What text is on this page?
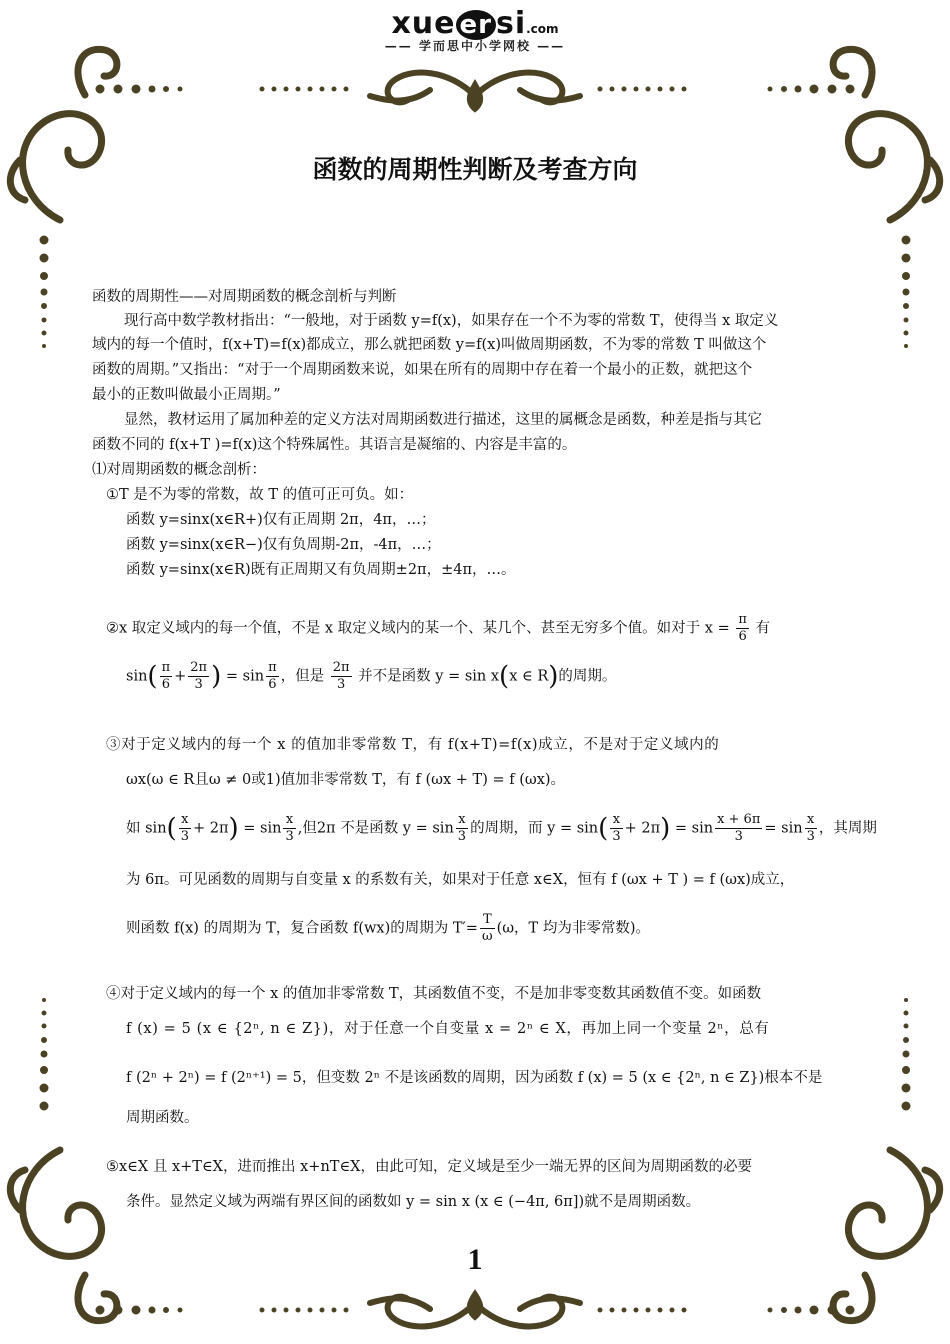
xue er si.com
—— 学而思中小学网校 ——
函数的周期性判断及考查方向
函数的周期性——对周期函数的概念剖析与判断
现行高中数学教材指出：“一般地，对于函数 y=f(x)，如果存在一个不为零的常数 T，使得当 x 取定义
域内的每一个值时，f(x+T)=f(x)都成立，那么就把函数 y=f(x)叫做周期函数，不为零的常数 T 叫做这个
函数的周期。”又指出：“对于一个周期函数来说，如果在所有的周期中存在着一个最小的正数，就把这个
最小的正数叫做最小正周期。”
显然，教材运用了属加种差的定义方法对周期函数进行描述，这里的属概念是函数，种差是指与其它
函数不同的 f(x+T )=f(x)这个特殊属性。其语言是凝缩的、内容是丰富的。
⑴对周期函数的概念剖析：
①T 是不为零的常数，故 T 的值可正可负。如：
函数 y=sinx(x∈R+)仅有正周期 2π，4π，…；
函数 y=sinx(x∈R−)仅有负周期-2π，-4π，…；
函数 y=sinx(x∈R)既有正周期又有负周期±2π，±4π，…。
②x 取定义域内的每一个值，不是 x 取定义域内的某一个、某几个、甚至无穷多个值。如对于 $x = \frac{\pi}{6}$ 有
$\sin( \frac{\pi}{6} + \frac{2\pi}{3}$ ) = $\sin \frac{\pi}{6}$ ，但是 $\frac{2\pi}{3}$ 并不是函数 y = sin x(x ∈ R)的周期。
③对于定义域内的每一个 x 的值加非零常数 T，有 f(x+T)=f(x)成立，不是对于定义域内的
ωx(ω ∈ R且ω ≠ 0或1)值加非零常数 T，有 f (ωx + T) = f (ωx)。
如 $\sin( \frac{x}{3} + 2\pi) = \sin \frac{x}{3}$ ,但2π 不是函数 $y = \sin \frac{x}{3}$ 的周期，而 $y = \sin( \frac{x}{3} + 2\pi) = \sin \frac{x + 6\pi}{3} = \sin \frac{x}{3}$ ，其周期
为 6π。可见函数的周期与自变量 x 的系数有关，如果对于任意 x∈X，恒有 f (ωx + T ) = f (ωx)成立，
则函数 f(x) 的周期为 T，复合函数 f(wx)的周期为 $T'= \frac{T}{\omega} (\omega$，T 均为非零常数)。
④对于定义域内的每一个 x 的值加非零常数 T，其函数值不变，不是加非零变数其函数值不变。如函数
f (x) = 5 (x ∈ {2ⁿ, n ∈ Z})，对于任意一个自变量 x = 2ⁿ ∈ X，再加上同一个变量 2ⁿ，总有
f (2ⁿ + 2ⁿ) = f (2ⁿ⁺¹) = 5，但变数 2ⁿ 不是该函数的周期，因为函数 f (x) = 5 (x ∈ {2ⁿ, n ∈ Z})根本不是
周期函数。
⑤x∈X 且 x+T∈X，进而推出 x+nT∈X，由此可知，定义域是至少一端无界的区间为周期函数的必要
条件。显然定义域为两端有界区间的函数如 y = sin x (x ∈ (−4π, 6π])就不是周期函数。
1
